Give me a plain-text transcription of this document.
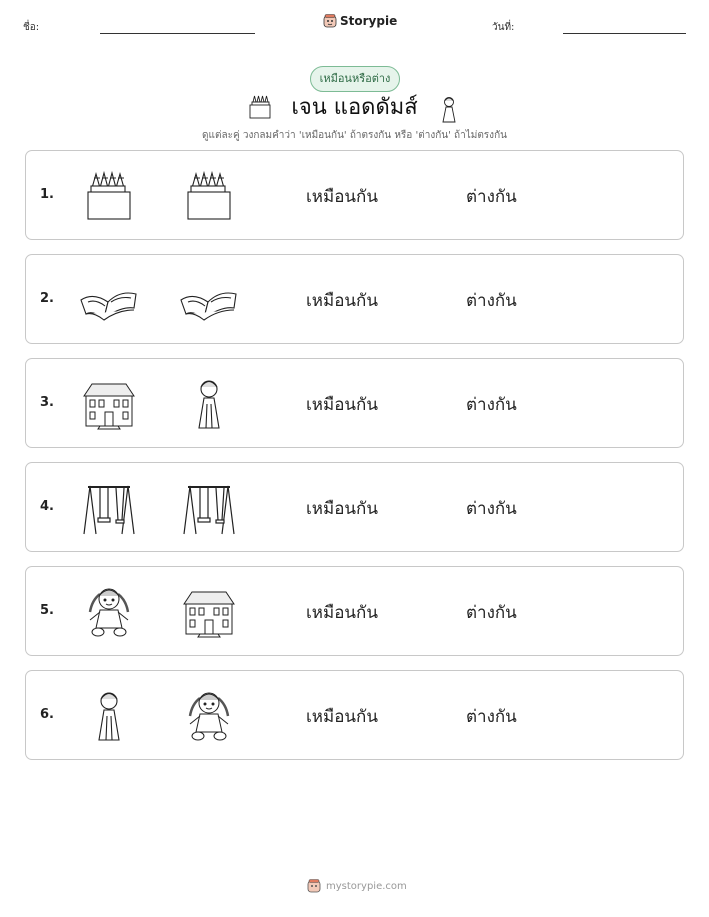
ชื่อ:	Storypie	วันที่:
เหมือนหรือต่าง
เจน แอดดัมส์
ดูแต่ละคู่ วงกลมคำว่า 'เหมือนกัน' ถ้าตรงกัน หรือ 'ต่างกัน' ถ้าไม่ตรงกัน
1.	เหมือนกัน	ต่างกัน
2.	เหมือนกัน	ต่างกัน
3.	เหมือนกัน	ต่างกัน
4.	เหมือนกัน	ต่างกัน
5.	เหมือนกัน	ต่างกัน
6.	เหมือนกัน	ต่างกัน
mystorypie.com
